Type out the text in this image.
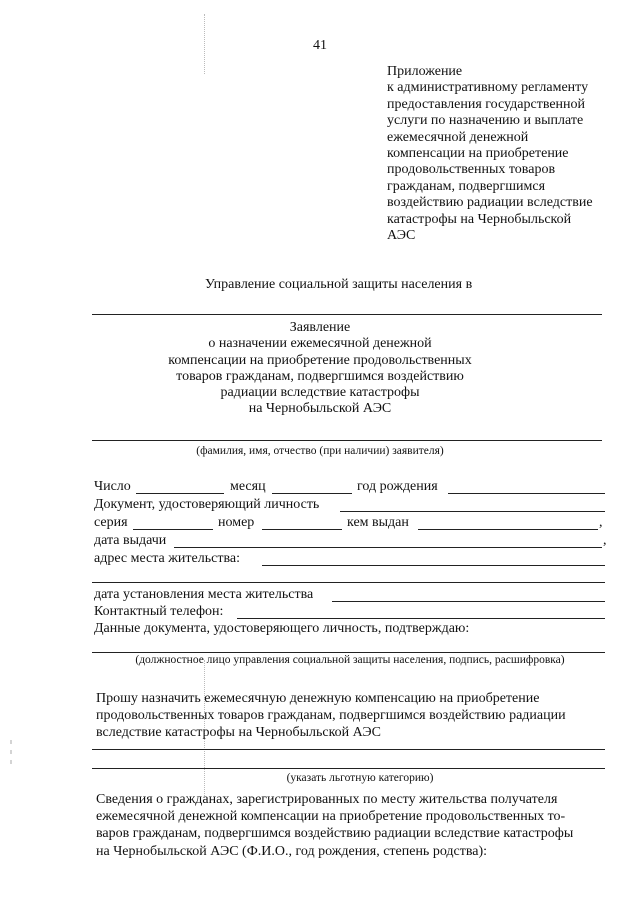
41
Приложение
к административному регламенту
предоставления государственной
услуги по назначению и выплате
ежемесячной денежной
компенсации на приобретение
продовольственных товаров
гражданам, подвергшимся
воздействию радиации вследствие
катастрофы на Чернобыльской
АЭС
Управление социальной защиты населения в
Заявление
о назначении ежемесячной денежной
компенсации на приобретение продовольственных
товаров гражданам, подвергшимся воздействию
радиации вследствие катастрофы
на Чернобыльской АЭС
(фамилия, имя, отчество (при наличии) заявителя)
Число	месяц	год рождения
Документ, удостоверяющий личность
серия	номер	кем выдан	,
дата выдачи	,
адрес места жительства:
дата установления места жительства
Контактный телефон:
Данные документа, удостоверяющего личность, подтверждаю:
(должностное лицо управления социальной защиты населения, подпись, расшифровка)
Прошу назначить ежемесячную денежную компенсацию на приобретение
продовольственных товаров гражданам, подвергшимся воздействию радиации
вследствие катастрофы на Чернобыльской АЭС
(указать льготную категорию)
Сведения о гражданах, зарегистрированных по месту жительства получателя
ежемесячной денежной компенсации на приобретение продовольственных то-
варов гражданам, подвергшимся воздействию радиации вследствие катастрофы
на Чернобыльской АЭС (Ф.И.О., год рождения, степень родства):
